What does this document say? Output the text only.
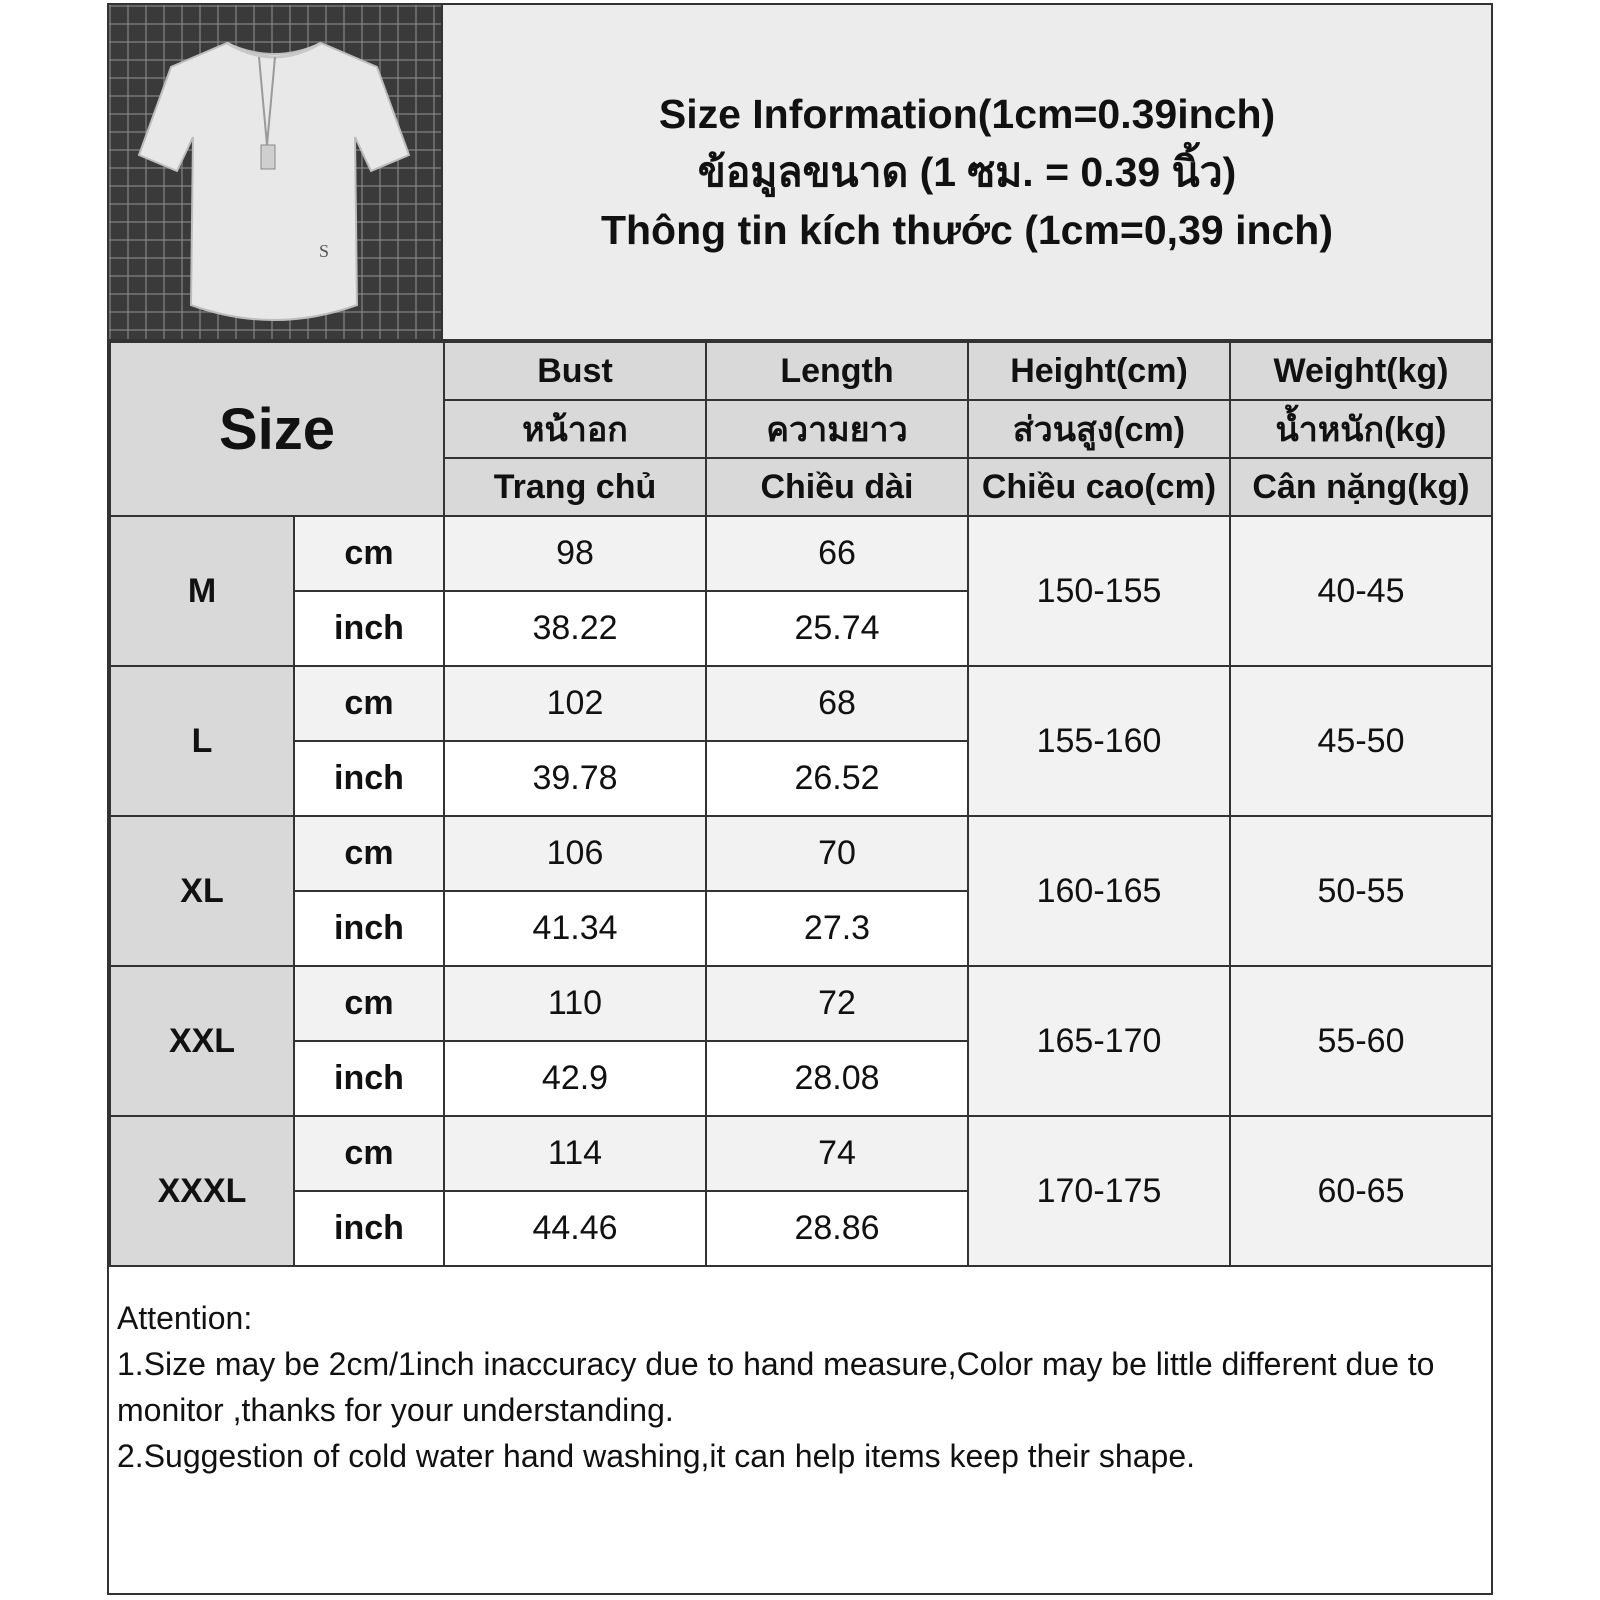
S
Size Information(1cm=0.39inch)
ข้อมูลขนาด (1 ซม. = 0.39 นิ้ว)
Thông tin kích thước (1cm=0,39 inch)
Size		Bust	Length	Height(cm)	Weight(kg)
		หน้าอก	ความยาว	ส่วนสูง(cm)	น้ำหนัก(kg)
		Trang chủ	Chiều dài	Chiều cao(cm)	Cân nặng(kg)
M	cm	98	66	150-155	40-45
	inch	38.22	25.74		
L	cm	102	68	155-160	45-50
	inch	39.78	26.52		
XL	cm	106	70	160-165	50-55
	inch	41.34	27.3		
XXL	cm	110	72	165-170	55-60
	inch	42.9	28.08		
XXXL	cm	114	74	170-175	60-65
	inch	44.46	28.86		
Attention:
1.Size may be 2cm/1inch inaccuracy due to hand measure,Color may be little different due to monitor ,thanks for your understanding.
2.Suggestion of cold water hand washing,it can help items keep their shape.
